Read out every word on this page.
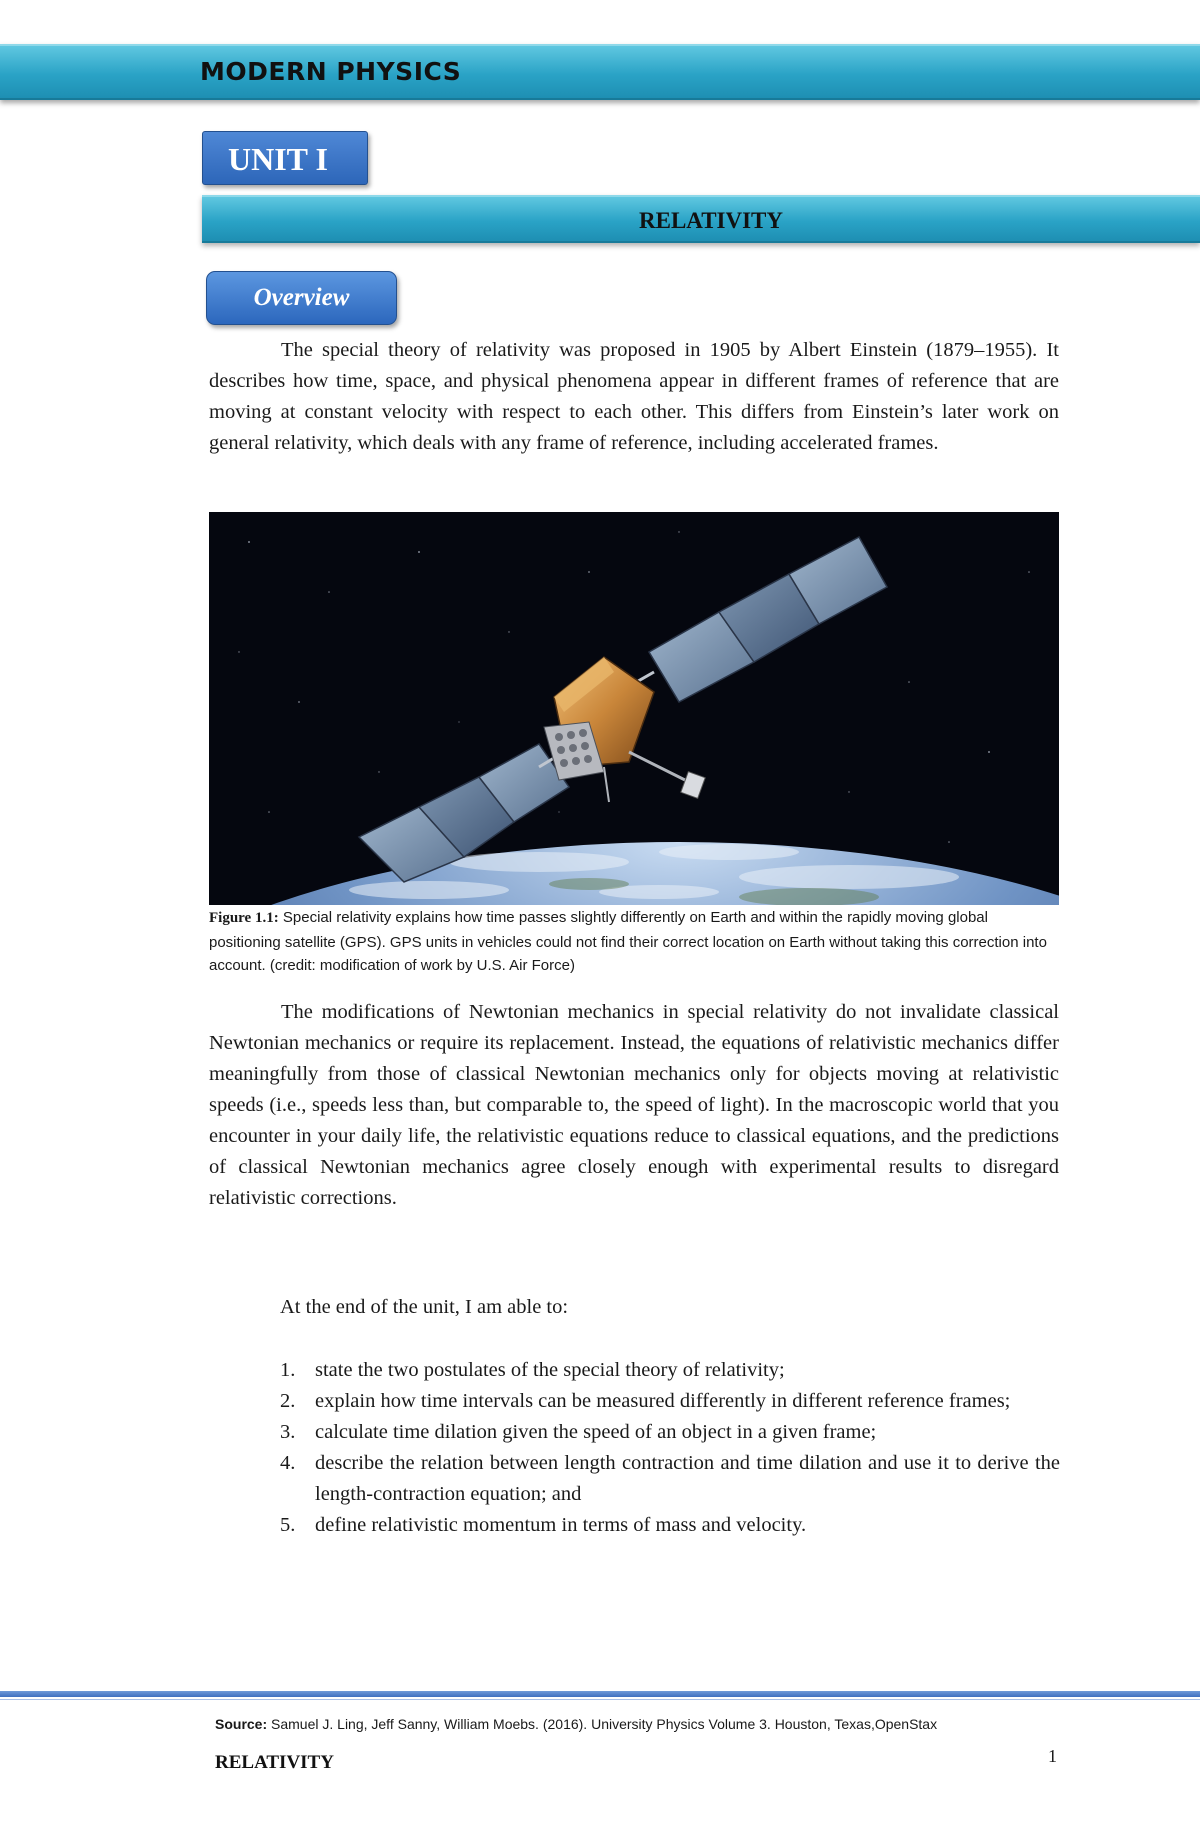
MODERN PHYSICS
UNIT I
RELATIVITY
Overview
The special theory of relativity was proposed in 1905 by Albert Einstein (1879–1955). It describes how time, space, and physical phenomena appear in different frames of reference that are moving at constant velocity with respect to each other. This differs from Einstein’s later work on general relativity, which deals with any frame of reference, including accelerated frames.
Figure 1.1: Special relativity explains how time passes slightly differently on Earth and within the rapidly moving global positioning satellite (GPS). GPS units in vehicles could not find their correct location on Earth without taking this correction into account. (credit: modification of work by U.S. Air Force)
The modifications of Newtonian mechanics in special relativity do not invalidate classical Newtonian mechanics or require its replacement. Instead, the equations of relativistic mechanics differ meaningfully from those of classical Newtonian mechanics only for objects moving at relativistic speeds (i.e., speeds less than, but comparable to, the speed of light). In the macroscopic world that you encounter in your daily life, the relativistic equations reduce to classical equations, and the predictions of classical Newtonian mechanics agree closely enough with experimental results to disregard relativistic corrections.
At the end of the unit, I am able to:
1. state the two postulates of the special theory of relativity;
2. explain how time intervals can be measured differently in different reference frames;
3. calculate time dilation given the speed of an object in a given frame;
4. describe the relation between length contraction and time dilation and use it to derive the length-contraction equation; and
5. define relativistic momentum in terms of mass and velocity.
Source: Samuel J. Ling, Jeff Sanny, William Moebs. (2016). University Physics Volume 3. Houston, Texas,OpenStax
RELATIVITY	1
